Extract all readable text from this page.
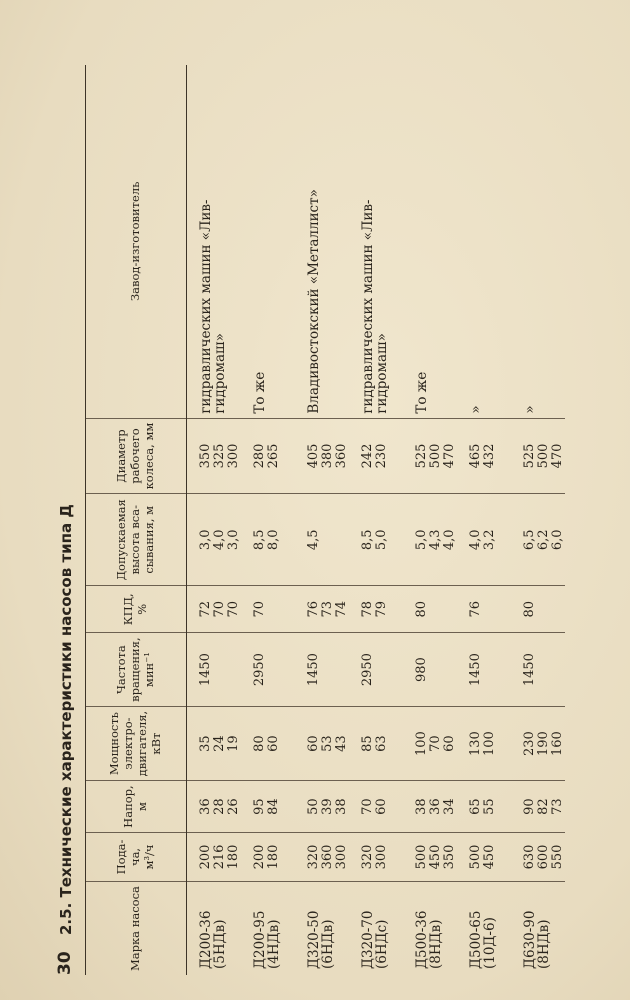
30
2.5. Технические характеристики насосов типа Д	Марка насоса	Пода- ча, м³/ч	Напор, м	Мощность электро- двигателя, кВт	Частота вращения, мин⁻¹	КПД, %	Допускаемая высота вса- сывания, м	Диаметр рабочего колеса, мм	Завод-изготовитель

Д200-36
(5НДв)	200 216 180	36 28 26	35 24 19	1450	72 70 70	3,0 4,0 3,0	350 325 300	гидравлических машин «Лив-
гидромаш»

Д200-95
(4НДв)	200 180	95 84	80 60	2950	70	8,5 8,0	280 265	То же

Д320-50
(6НДв)	320 360 300	50 39 38	60 53 43	1450	76 73 74	4,5	405 380 360	Владивостокский «Металлист»

Д320-70
(6НДс)	320 300	70 60	85 63	2950	78 79	8,5 5,0	242 230	гидравлических машин «Лив-
гидромаш»

Д500-36
(8НДв)	500 450 350	38 36 34	100 70 60	980	80	5,0 4,3 4,0	525 500 470	То же

Д500-65
(10Д-6)	500 450	65 55	130 100	1450	76	4,0 3,2	465 432	»

Д630-90
(8НДв)	630 600 550	90 82 73	230 190 160	1450	80	6,5 6,2 6,0	525 500 470	»
